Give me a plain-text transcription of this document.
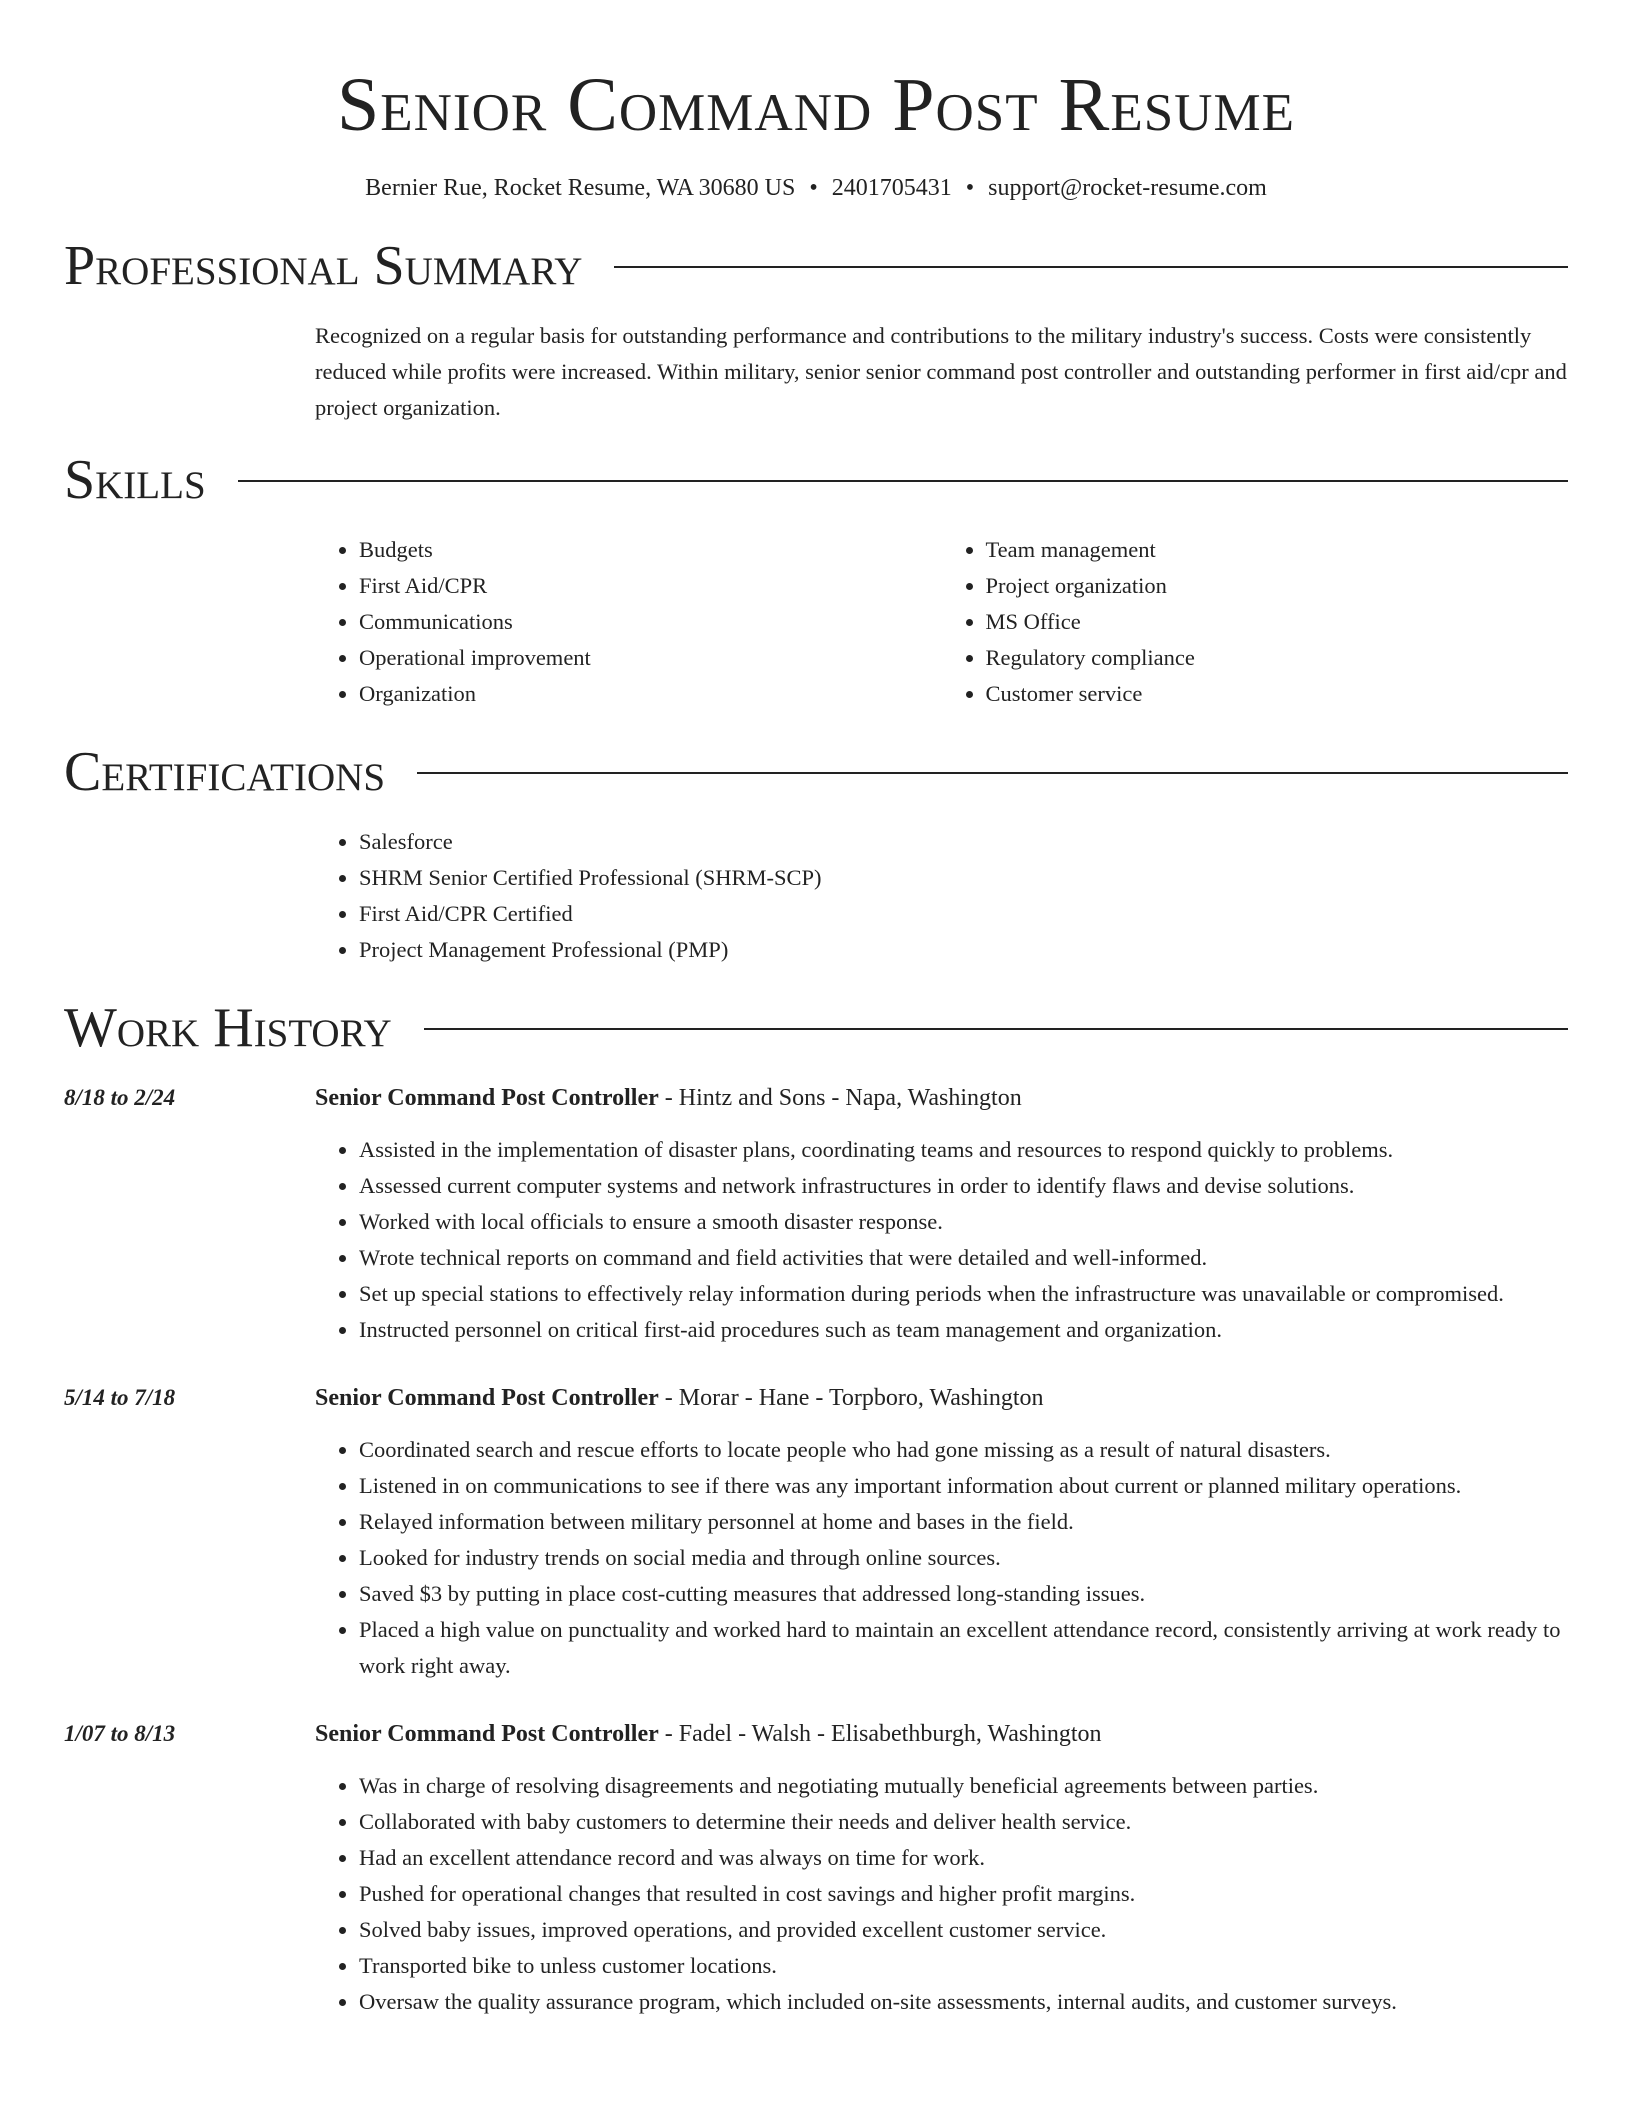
Senior Command Post Resume
Bernier Rue, Rocket Resume, WA 30680 US • 2401705431 • support@rocket-resume.com
Professional Summary
Recognized on a regular basis for outstanding performance and contributions to the military industry's success. Costs were consistently reduced while profits were increased. Within military, senior senior command post controller and outstanding performer in first aid/cpr and project organization.
Skills
• Budgets
• First Aid/CPR
• Communications
• Operational improvement
• Organization
• Team management
• Project organization
• MS Office
• Regulatory compliance
• Customer service
Certifications
• Salesforce
• SHRM Senior Certified Professional (SHRM-SCP)
• First Aid/CPR Certified
• Project Management Professional (PMP)
Work History
8/18 to 2/24	Senior Command Post Controller - Hintz and Sons - Napa, Washington
• Assisted in the implementation of disaster plans, coordinating teams and resources to respond quickly to problems.
• Assessed current computer systems and network infrastructures in order to identify flaws and devise solutions.
• Worked with local officials to ensure a smooth disaster response.
• Wrote technical reports on command and field activities that were detailed and well-informed.
• Set up special stations to effectively relay information during periods when the infrastructure was unavailable or compromised.
• Instructed personnel on critical first-aid procedures such as team management and organization.
5/14 to 7/18	Senior Command Post Controller - Morar - Hane - Torpboro, Washington
• Coordinated search and rescue efforts to locate people who had gone missing as a result of natural disasters.
• Listened in on communications to see if there was any important information about current or planned military operations.
• Relayed information between military personnel at home and bases in the field.
• Looked for industry trends on social media and through online sources.
• Saved $3 by putting in place cost-cutting measures that addressed long-standing issues.
• Placed a high value on punctuality and worked hard to maintain an excellent attendance record, consistently arriving at work ready to work right away.
1/07 to 8/13	Senior Command Post Controller - Fadel - Walsh - Elisabethburgh, Washington
• Was in charge of resolving disagreements and negotiating mutually beneficial agreements between parties.
• Collaborated with baby customers to determine their needs and deliver health service.
• Had an excellent attendance record and was always on time for work.
• Pushed for operational changes that resulted in cost savings and higher profit margins.
• Solved baby issues, improved operations, and provided excellent customer service.
• Transported bike to unless customer locations.
• Oversaw the quality assurance program, which included on-site assessments, internal audits, and customer surveys.
